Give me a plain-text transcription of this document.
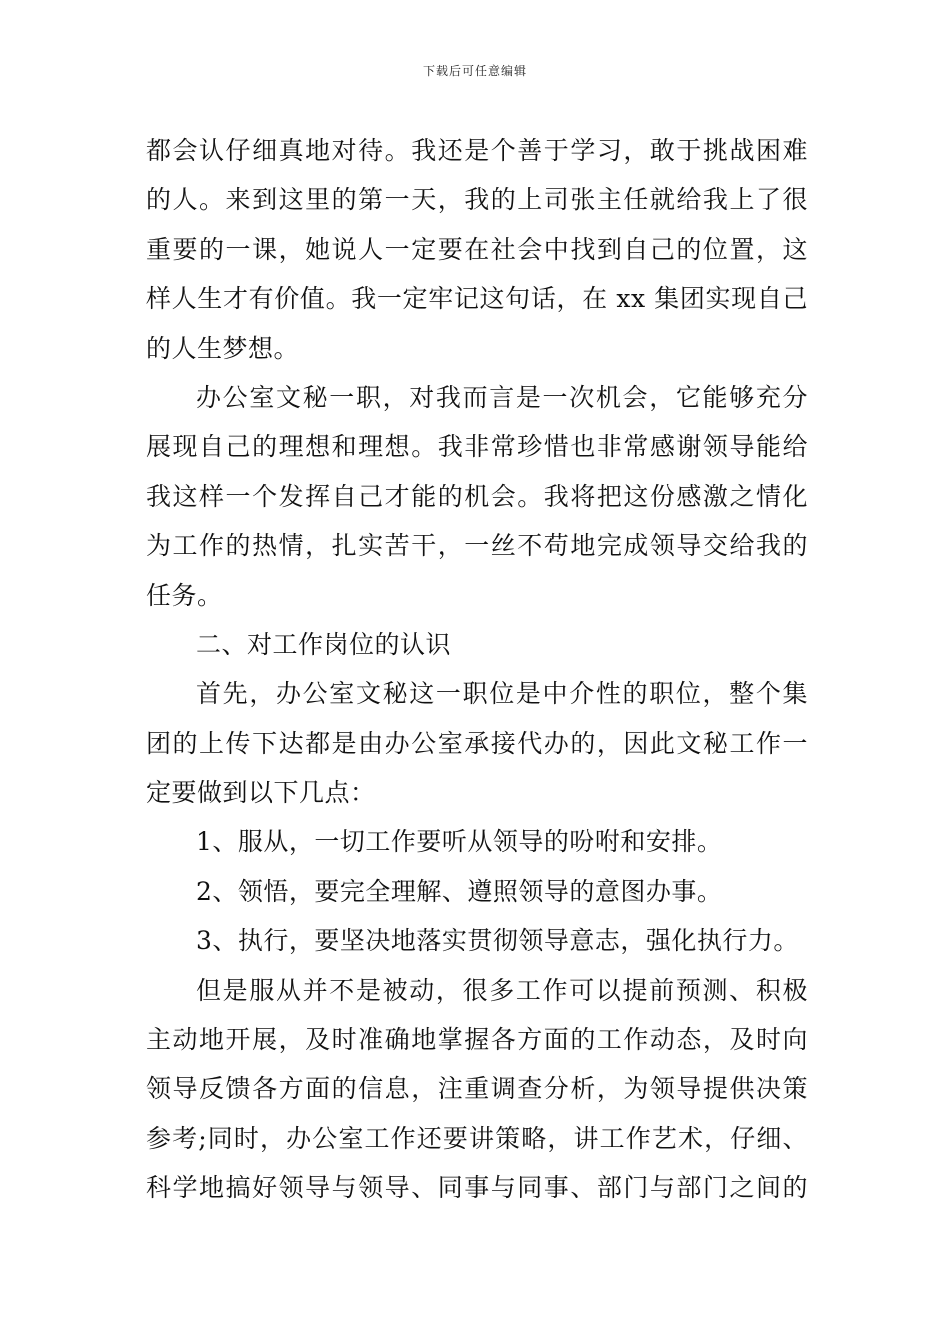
下载后可任意编辑
都会认仔细真地对待。我还是个善于学习，敢于挑战困难
的人。来到这里的第一天，我的上司张主任就给我上了很
重要的一课，她说人一定要在社会中找到自己的位置，这
样人生才有价值。我一定牢记这句话，在 xx 集团实现自己
的人生梦想。
办公室文秘一职，对我而言是一次机会，它能够充分
展现自己的理想和理想。我非常珍惜也非常感谢领导能给
我这样一个发挥自己才能的机会。我将把这份感激之情化
为工作的热情，扎实苦干，一丝不苟地完成领导交给我的
任务。
二、对工作岗位的认识
首先，办公室文秘这一职位是中介性的职位，整个集
团的上传下达都是由办公室承接代办的，因此文秘工作一
定要做到以下几点：
1、服从，一切工作要听从领导的吩咐和安排。
2、领悟，要完全理解、遵照领导的意图办事。
3、执行，要坚决地落实贯彻领导意志，强化执行力。
但是服从并不是被动，很多工作可以提前预测、积极
主动地开展，及时准确地掌握各方面的工作动态，及时向
领导反馈各方面的信息，注重调查分析，为领导提供决策
参考;同时，办公室工作还要讲策略，讲工作艺术，仔细、
科学地搞好领导与领导、同事与同事、部门与部门之间的
